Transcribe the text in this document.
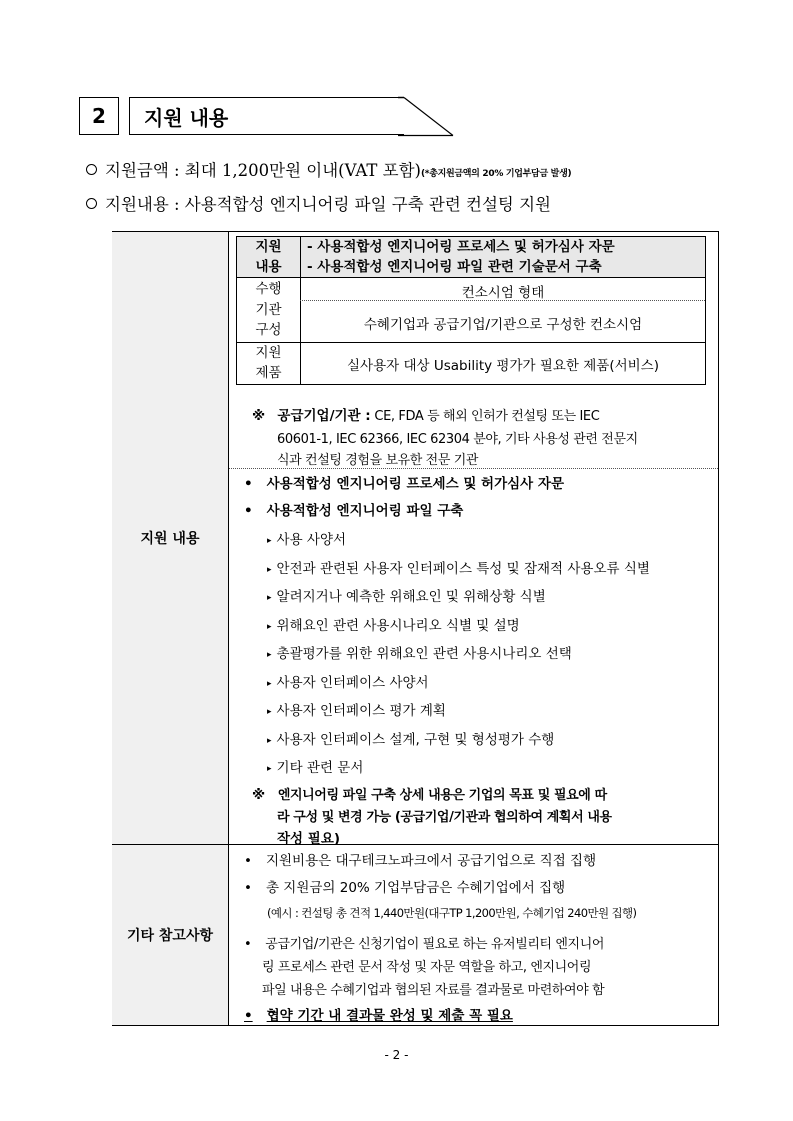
2	지원 내용
지원금액 : 최대 1,200만원 이내(VAT 포함)(*총지원금액의 20% 기업부담금 발생)
지원내용 : 사용적합성 엔지니어링 파일 구축 관련 컨설팅 지원
지원 내용
기타 참고사항
지원
내용
- 사용적합성 엔지니어링 프로세스 및 허가심사 자문
- 사용적합성 엔지니어링 파일 관련 기술문서 구축
수행
기관
구성
컨소시엄 형태
수혜기업과 공급기업/기관으로 구성한 컨소시엄
지원
제품	실사용자 대상 Usability 평가가 필요한 제품(서비스)
※ 공급기업/기관 : CE, FDA 등 해외 인허가 컨설팅 또는 IEC
60601-1, IEC 62366, IEC 62304 분야, 기타 사용성 관련 전문지
식과 컨설팅 경험을 보유한 전문 기관
• 사용적합성 엔지니어링 프로세스 및 허가심사 자문
• 사용적합성 엔지니어링 파일 구축
▸ 사용 사양서
▸ 안전과 관련된 사용자 인터페이스 특성 및 잠재적 사용오류 식별
▸ 알려지거나 예측한 위해요인 및 위해상황 식별
▸ 위해요인 관련 사용시나리오 식별 및 설명
▸ 총괄평가를 위한 위해요인 관련 사용시나리오 선택
▸ 사용자 인터페이스 사양서
▸ 사용자 인터페이스 평가 계획
▸ 사용자 인터페이스 설계, 구현 및 형성평가 수행
▸ 기타 관련 문서
※ 엔지니어링 파일 구축 상세 내용은 기업의 목표 및 필요에 따
라 구성 및 변경 가능 (공급기업/기관과 협의하여 계획서 내용
작성 필요)
• 지원비용은 대구테크노파크에서 공급기업으로 직접 집행
• 총 지원금의 20% 기업부담금은 수혜기업에서 집행
(예시 : 컨설팅 총 견적 1,440만원(대구TP 1,200만원, 수혜기업 240만원 집행)
• 공급기업/기관은 신청기업이 필요로 하는 유저빌리티 엔지니어
링 프로세스 관련 문서 작성 및 자문 역할을 하고, 엔지니어링
파일 내용은 수혜기업과 협의된 자료를 결과물로 마련하여야 함
• 협약 기간 내 결과물 완성 및 제출 꼭 필요
- 2 -
